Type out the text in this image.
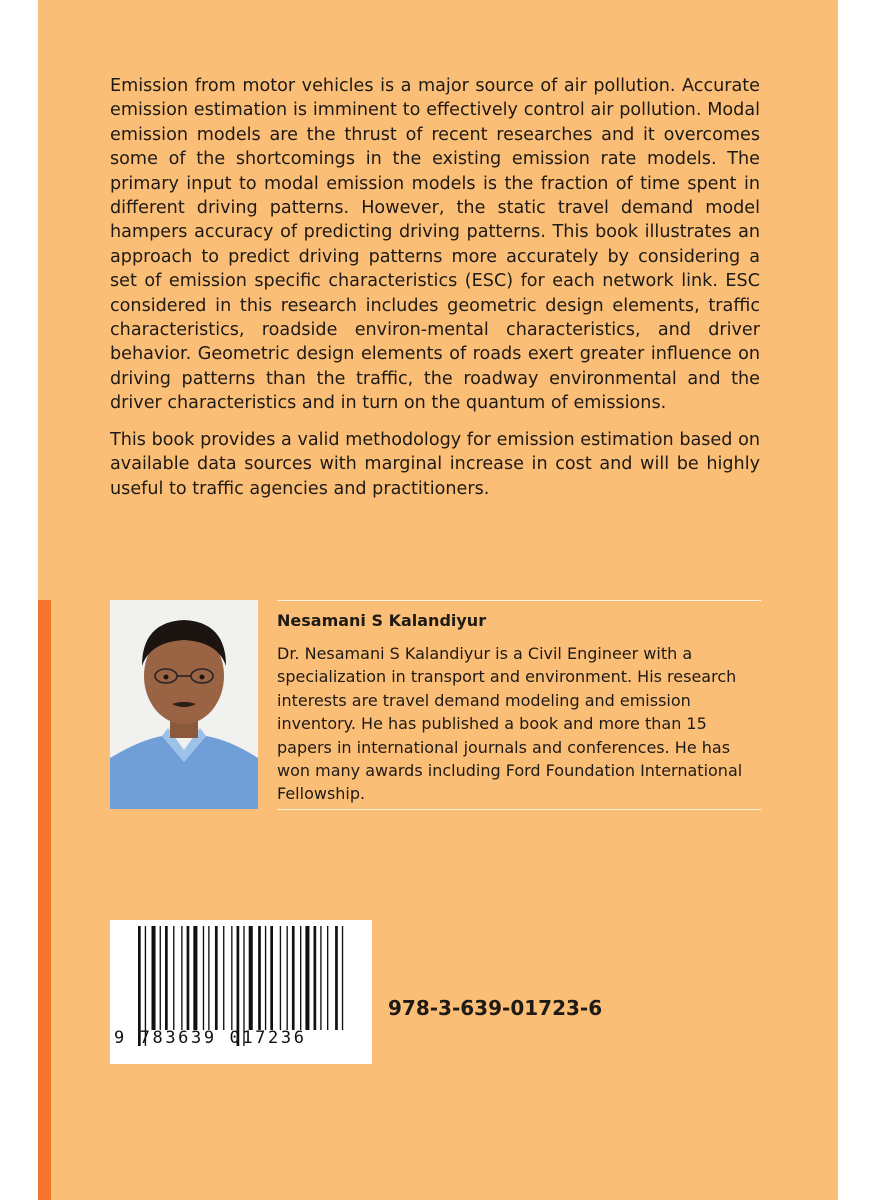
Emission from motor vehicles is a major source of air pollution. Accurate emission estimation is imminent to effectively control air pollution. Modal emission models are the thrust of recent researches and it overcomes some of the shortcomings in the existing emission rate models. The primary input to modal emission models is the fraction of time spent in different driving patterns. However, the static travel demand model hampers accuracy of predicting driving patterns. This book illustrates an approach to predict driving patterns more accurately by considering a set of emission specific characteristics (ESC) for each network link. ESC considered in this research includes geometric design elements, traffic characteristics, roadside environ-mental characteristics, and driver behavior. Geometric design elements of roads exert greater influence on driving patterns than the traffic, the roadway environmental and the driver characteristics and in turn on the quantum of emissions.

This book provides a valid methodology for emission estimation based on available data sources with marginal increase in cost and will be highly useful to traffic agencies and practitioners.

Nesamani S Kalandiyur
Dr. Nesamani S Kalandiyur is a Civil Engineer with a specialization in transport and environment. His research interests are travel demand modeling and emission inventory. He has published a book and more than 15 papers in international journals and conferences. He has won many awards including Ford Foundation International Fellowship.
9 783639 017236
978-3-639-01723-6
